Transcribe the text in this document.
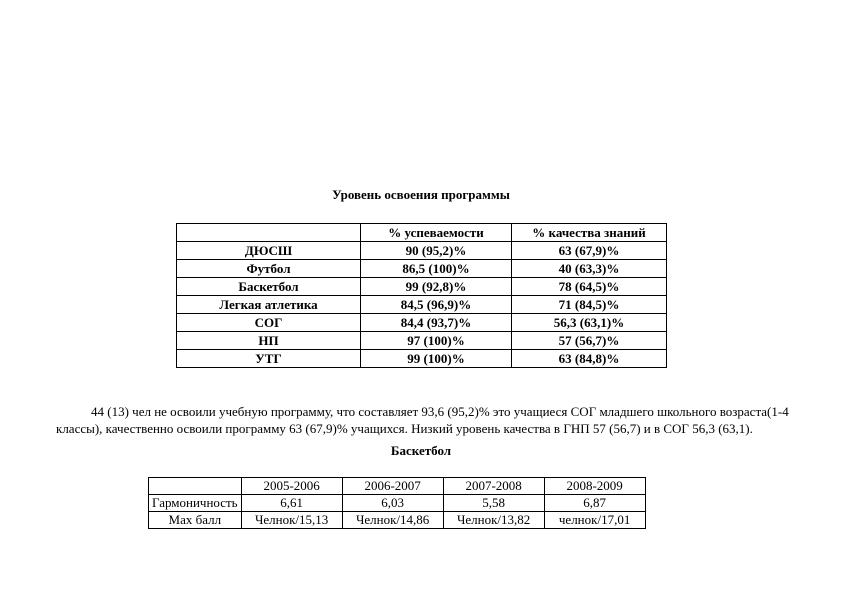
Уровень освоения программы
	% успеваемости	% качества знаний
ДЮСШ	90 (95,2)%	63 (67,9)%
Футбол	86,5 (100)%	40 (63,3)%
Баскетбол	99 (92,8)%	78 (64,5)%
Легкая атлетика	84,5 (96,9)%	71 (84,5)%
СОГ	84,4 (93,7)%	56,3 (63,1)%
НП	97 (100)%	57 (56,7)%
УТГ	99 (100)%	63 (84,8)%

44 (13) чел не освоили учебную программу, что составляет 93,6 (95,2)% это учащиеся СОГ младшего школьного возраста(1-4 классы), качественно освоили программу 63 (67,9)% учащихся. Низкий уровень качества в ГНП 57 (56,7) и в СОГ 56,3 (63,1).

Баскетбол
	2005-2006	2006-2007	2007-2008	2008-2009
Гармоничность	6,61	6,03	5,58	6,87
Мах балл	Челнок/15,13	Челнок/14,86	Челнок/13,82	челнок/17,01
